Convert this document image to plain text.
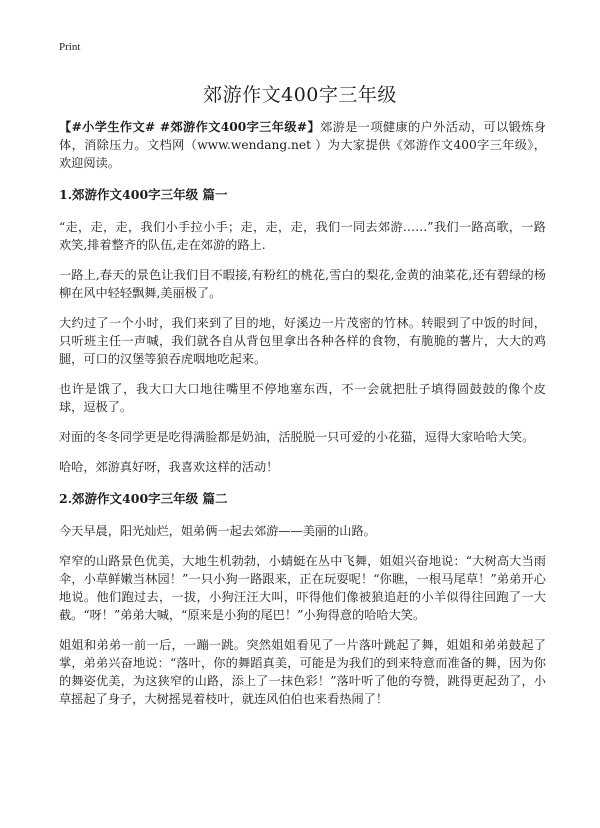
Print
郊游作文400字三年级

【#小学生作文# #郊游作文400字三年级#】郊游是一项健康的户外活动，可以锻炼身体，消除压力。文档网（www.wendang.net ）为大家提供《郊游作文400字三年级》，欢迎阅读。

1.郊游作文400字三年级 篇一

“走，走，走，我们小手拉小手；走，走，走，我们一同去郊游……”我们一路高歌，一路欢笑,排着整齐的队伍,走在郊游的路上.

一路上,春天的景色让我们目不暇接,有粉红的桃花,雪白的梨花,金黄的油菜花,还有碧绿的杨柳在风中轻轻飘舞,美丽极了。

大约过了一个小时，我们来到了目的地，好溪边一片茂密的竹林。转眼到了中饭的时间，只听班主任一声喊，我们就各自从背包里拿出各种各样的食物，有脆脆的薯片，大大的鸡腿，可口的汉堡等狼吞虎咽地吃起来。

也许是饿了，我大口大口地往嘴里不停地塞东西，不一会就把肚子填得圆鼓鼓的像个皮球，逗极了。

对面的冬冬同学更是吃得满脸都是奶油，活脱脱一只可爱的小花猫，逗得大家哈哈大笑。

哈哈，郊游真好呀，我喜欢这样的活动！

2.郊游作文400字三年级 篇二

今天早晨，阳光灿烂，姐弟俩一起去郊游——美丽的山路。

窄窄的山路景色优美，大地生机勃勃，小蜻蜓在丛中飞舞，姐姐兴奋地说：“大树高大当雨伞，小草鲜嫩当林园！”一只小狗一路跟来，正在玩耍呢！“你瞧，一根马尾草！”弟弟开心地说。他们跑过去，一拔，小狗汪汪大叫，吓得他们像被狼追赶的小羊似得往回跑了一大截。“呀！”弟弟大喊，“原来是小狗的尾巴！”小狗得意的哈哈大笑。

姐姐和弟弟一前一后，一蹦一跳。突然姐姐看见了一片落叶跳起了舞，姐姐和弟弟鼓起了掌，弟弟兴奋地说：“落叶，你的舞蹈真美，可能是为我们的到来特意而准备的舞，因为你的舞姿优美，为这狭窄的山路，添上了一抹色彩！”落叶听了他的夸赞，跳得更起劲了，小草摇起了身子，大树摇晃着枝叶，就连风伯伯也来看热闹了！
